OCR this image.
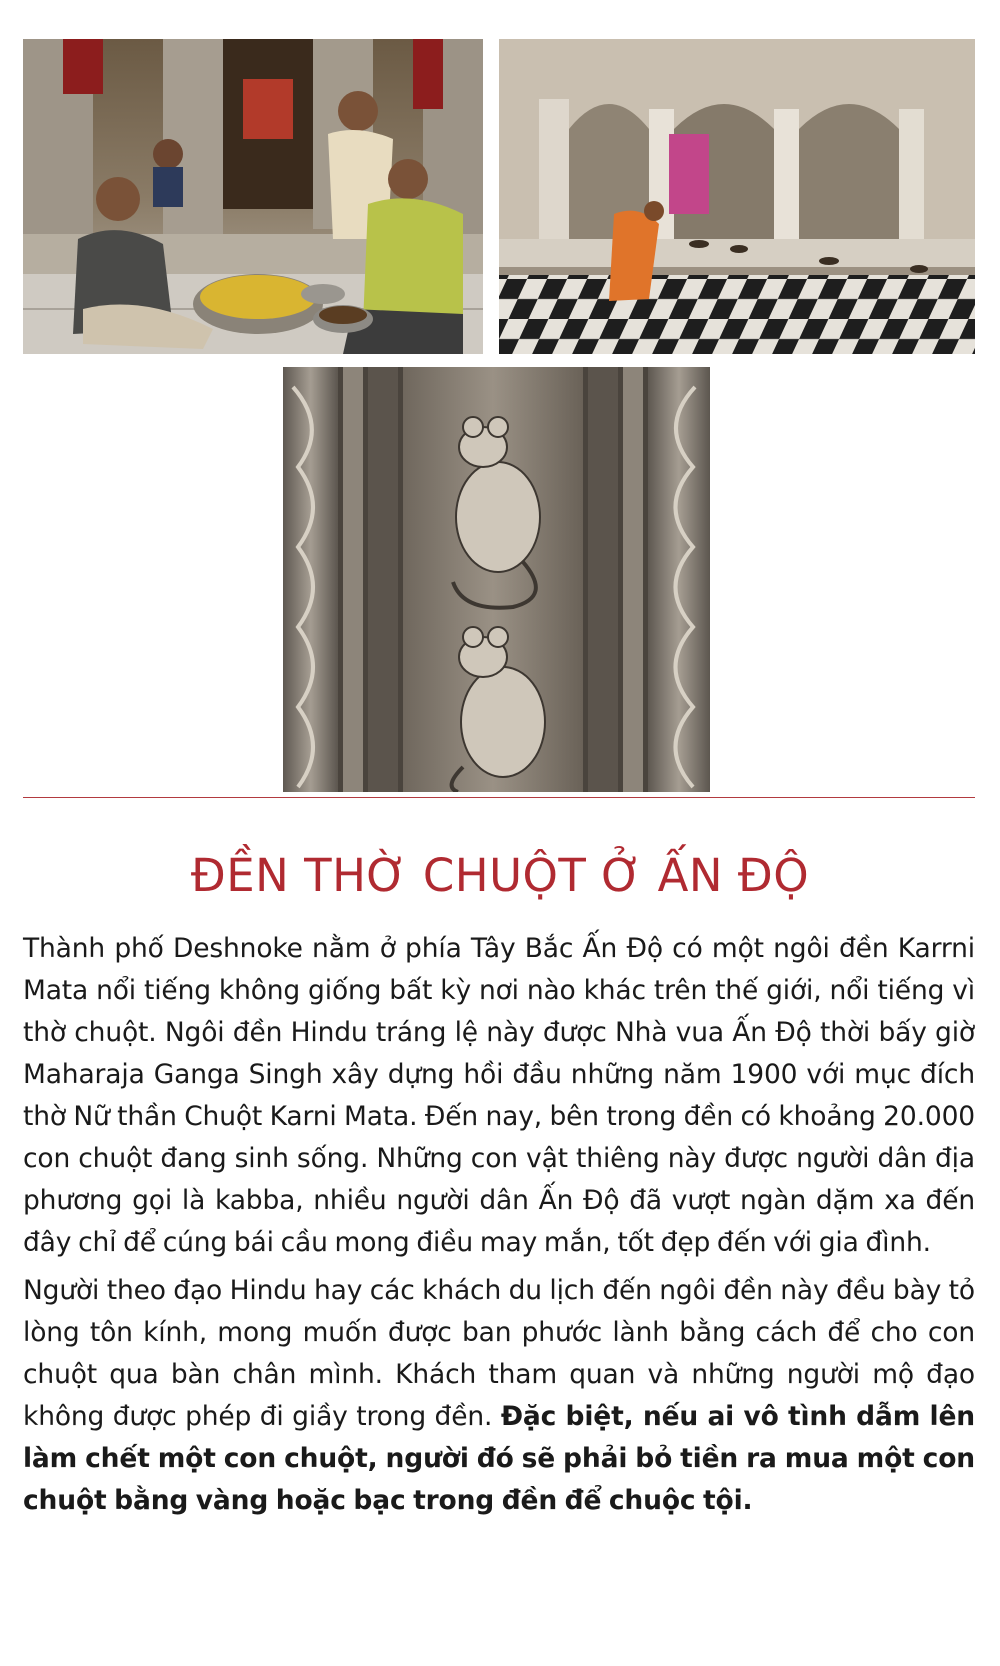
ĐỀN THỜ CHUỘT Ở ẤN ĐỘ

Thành phố Deshnoke nằm ở phía Tây Bắc Ấn Độ có một ngôi đền Karrni Mata nổi tiếng không giống bất kỳ nơi nào khác trên thế giới, nổi tiếng vì thờ chuột. Ngôi đền Hindu tráng lệ này được Nhà vua Ấn Độ thời bấy giờ Maharaja Ganga Singh xây dựng hồi đầu những năm 1900 với mục đích thờ Nữ thần Chuột Karni Mata. Đến nay, bên trong đền có khoảng 20.000 con chuột đang sinh sống. Những con vật thiêng này được người dân địa phương gọi là kabba, nhiều người dân Ấn Độ đã vượt ngàn dặm xa đến đây chỉ để cúng bái cầu mong điều may mắn, tốt đẹp đến với gia đình.

Người theo đạo Hindu hay các khách du lịch đến ngôi đền này đều bày tỏ lòng tôn kính, mong muốn được ban phước lành bằng cách để cho con chuột qua bàn chân mình. Khách tham quan và những người mộ đạo không được phép đi giầy trong đền. Đặc biệt, nếu ai vô tình dẫm lên làm chết một con chuột, người đó sẽ phải bỏ tiền ra mua một con chuột bằng vàng hoặc bạc trong đền để chuộc tội.
